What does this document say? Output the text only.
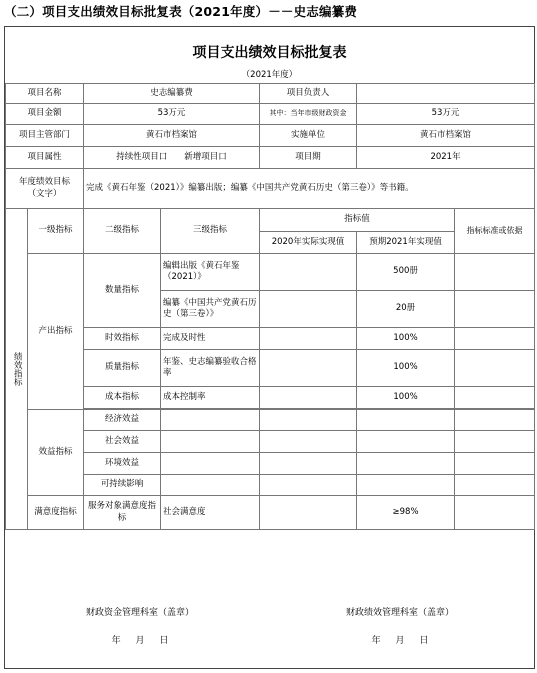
（二）项目支出绩效目标批复表（2021年度）－－史志编纂费
项目支出绩效目标批复表
（2021年度）
项目名称		史志编纂费		项目负责人		
项目金额		53万元		其中：当年市级财政资金	53万元	
项目主管部门		黄石市档案馆		实施单位	黄石市档案馆	
项目属性		持续性项目口　　新增项目口		项目期	2021年	

年度绩效目标
（文字）		完成《黄石年鉴（2021）》编纂出版；编纂《中国共产党黄石历史（第三卷）》等书籍。				

绩效指标	一级指标	二级指标	三级指标	指标值		指标标准或依据
				2020年实际实现值	预期2021年实现值	
	产出指标	数量指标	编辑出版《黄石年鉴（2021）》		500册	
			编纂《中国共产党黄石历史（第三卷）》		20册	
		时效指标	完成及时性		100%	
		质量指标	年鉴、史志编纂验收合格率		100%	
		成本指标	成本控制率		100%	

	效益指标	经济效益				
		社会效益				
		环境效益				
		可持续影响				
	满意度指标	服务对象满意度指标	社会满意度		≥98%	
财政资金管理科室（盖章）	财政绩效管理科室（盖章）
年 月 日	年 月 日
